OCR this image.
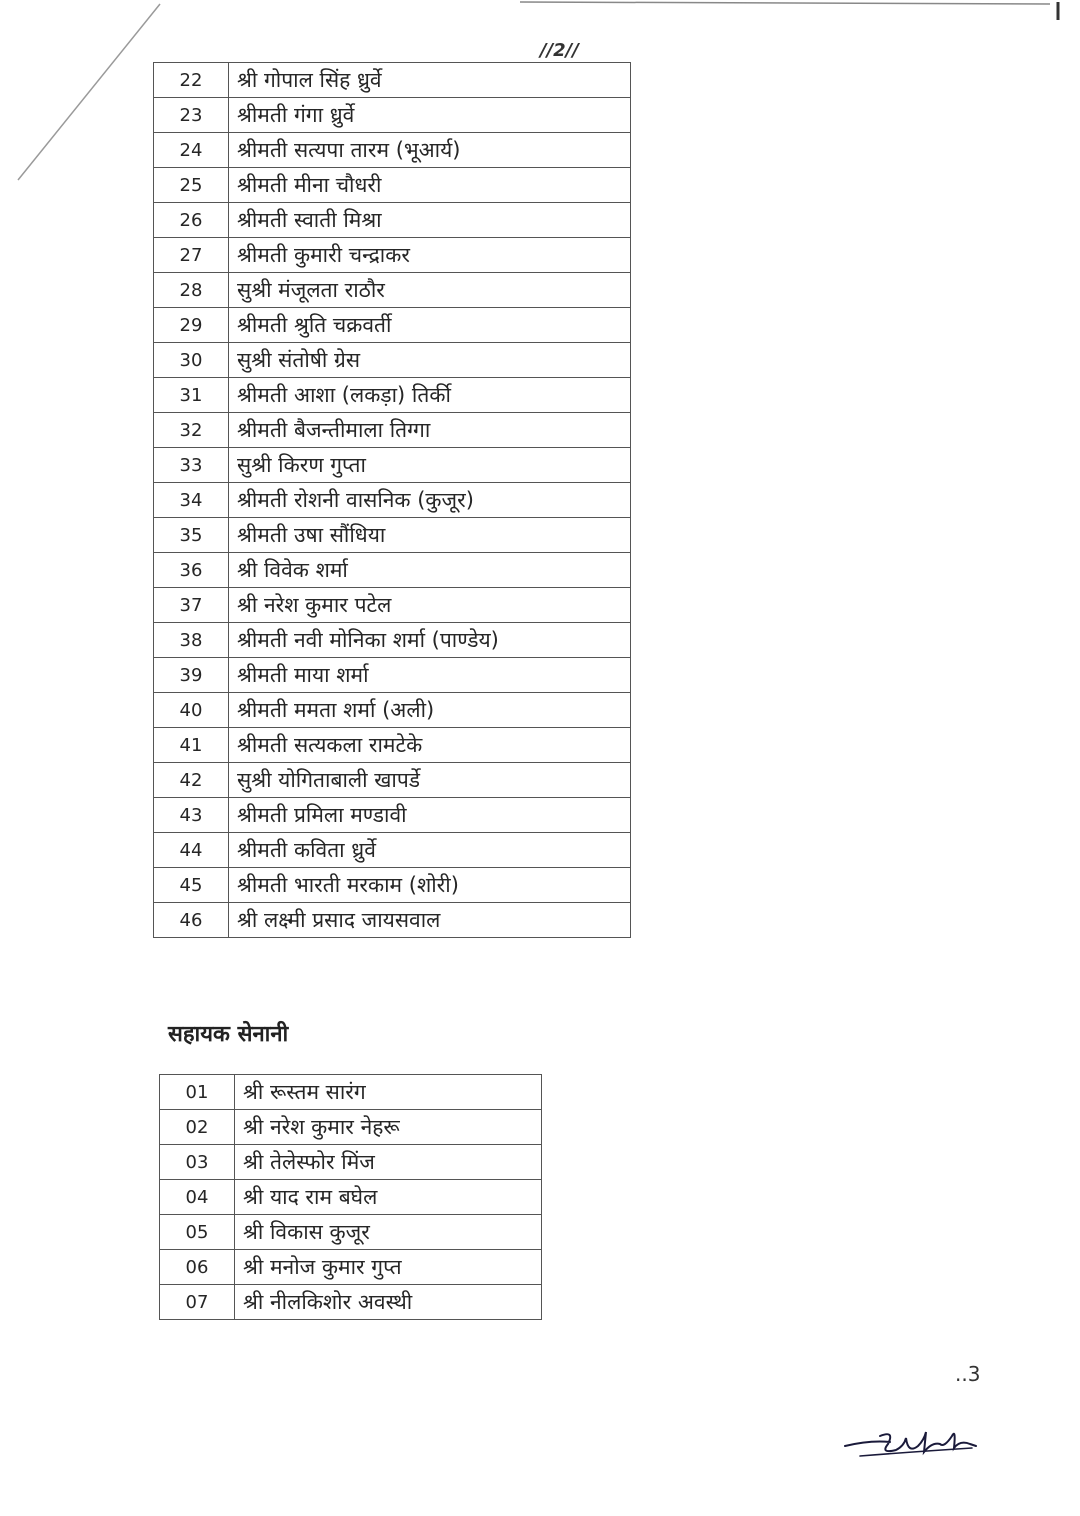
//2//
22	श्री गोपाल सिंह ध्रुर्वे
23	श्रीमती गंगा ध्रुर्वे
24	श्रीमती सत्यपा तारम (भूआर्य)
25	श्रीमती मीना चौधरी
26	श्रीमती स्वाती मिश्रा
27	श्रीमती कुमारी चन्द्राकर
28	सुश्री मंजूलता राठौर
29	श्रीमती श्रुति चक्रवर्ती
30	सुश्री संतोषी ग्रेस
31	श्रीमती आशा (लकड़ा) तिर्की
32	श्रीमती बैजन्तीमाला तिग्गा
33	सुश्री किरण गुप्ता
34	श्रीमती रोशनी वासनिक (कुजूर)
35	श्रीमती उषा सौंधिया
36	श्री विवेक शर्मा
37	श्री नरेश कुमार पटेल
38	श्रीमती नवी मोनिका शर्मा (पाण्डेय)
39	श्रीमती माया शर्मा
40	श्रीमती ममता शर्मा (अली)
41	श्रीमती सत्यकला रामटेके
42	सुश्री योगिताबाली खापर्डे
43	श्रीमती प्रमिला मण्डावी
44	श्रीमती कविता ध्रुर्वे
45	श्रीमती भारती मरकाम (शोरी)
46	श्री लक्ष्मी प्रसाद जायसवाल
सहायक सेनानी
01	श्री रूस्तम सारंग
02	श्री नरेश कुमार नेहरू
03	श्री तेलेस्फोर मिंज
04	श्री याद राम बघेल
05	श्री विकास कुजूर
06	श्री मनोज कुमार गुप्त
07	श्री नीलकिशोर अवस्थी
..3
